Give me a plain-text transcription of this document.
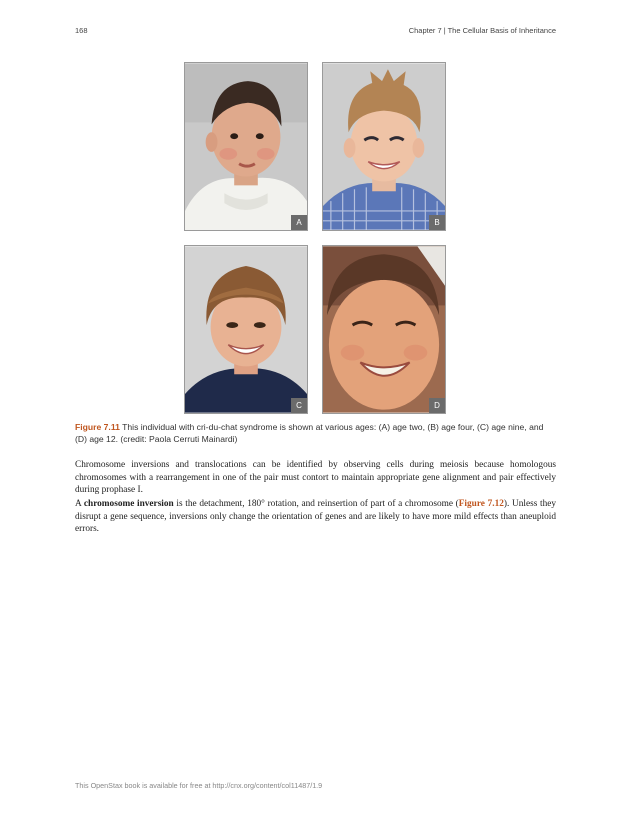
168	Chapter 7 | The Cellular Basis of Inheritance
A	B
C	D
Figure 7.11 This individual with cri-du-chat syndrome is shown at various ages: (A) age two, (B) age four, (C) age nine, and (D) age 12. (credit: Paola Cerruti Mainardi)

Chromosome inversions and translocations can be identified by observing cells during meiosis because homologous chromosomes with a rearrangement in one of the pair must contort to maintain appropriate gene alignment and pair effectively during prophase I.

A chromosome inversion is the detachment, 180° rotation, and reinsertion of part of a chromosome (Figure 7.12). Unless they disrupt a gene sequence, inversions only change the orientation of genes and are likely to have more mild effects than aneuploid errors.

This OpenStax book is available for free at http://cnx.org/content/col11487/1.9
